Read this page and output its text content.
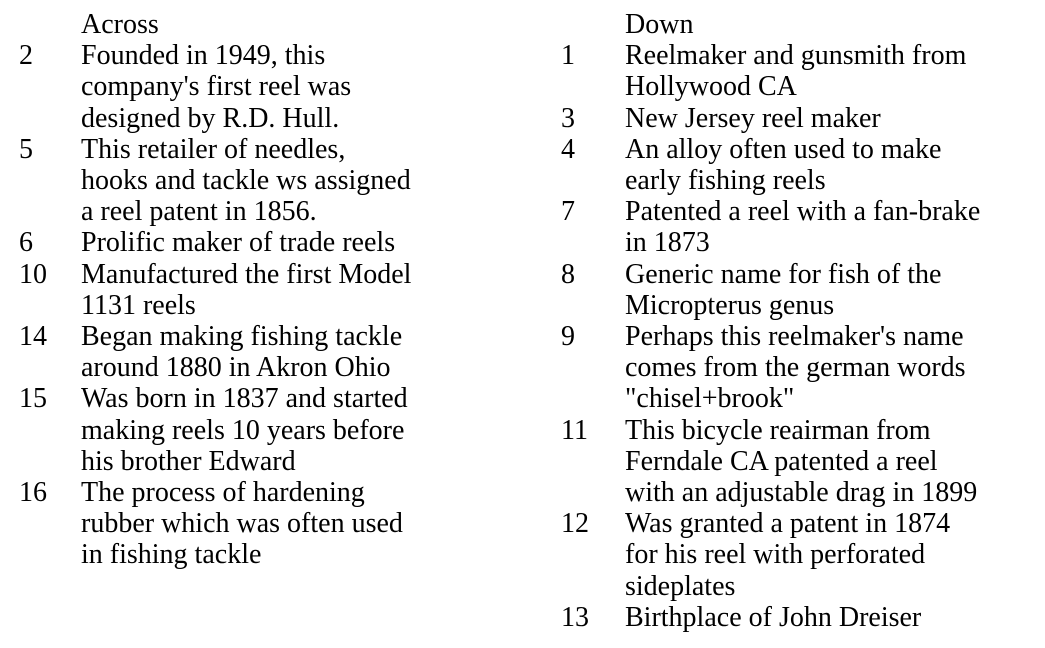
Across
2	Founded in 1949, this
company's first reel was
designed by R.D. Hull.
5	This retailer of needles,
hooks and tackle ws assigned
a reel patent in 1856.
6	Prolific maker of trade reels
10	Manufactured the first Model
1131 reels
14	Began making fishing tackle
around 1880 in Akron Ohio
15	Was born in 1837 and started
making reels 10 years before
his brother Edward
16	The process of hardening
rubber which was often used
in fishing tackle
Down
1	Reelmaker and gunsmith from
Hollywood CA
3	New Jersey reel maker
4	An alloy often used to make
early fishing reels
7	Patented a reel with a fan-brake
in 1873
8	Generic name for fish of the
Micropterus genus
9	Perhaps this reelmaker's name
comes from the german words
"chisel+brook"
11	This bicycle reairman from
Ferndale CA patented a reel
with an adjustable drag in 1899
12	Was granted a patent in 1874
for his reel with perforated
sideplates
13	Birthplace of John Dreiser
